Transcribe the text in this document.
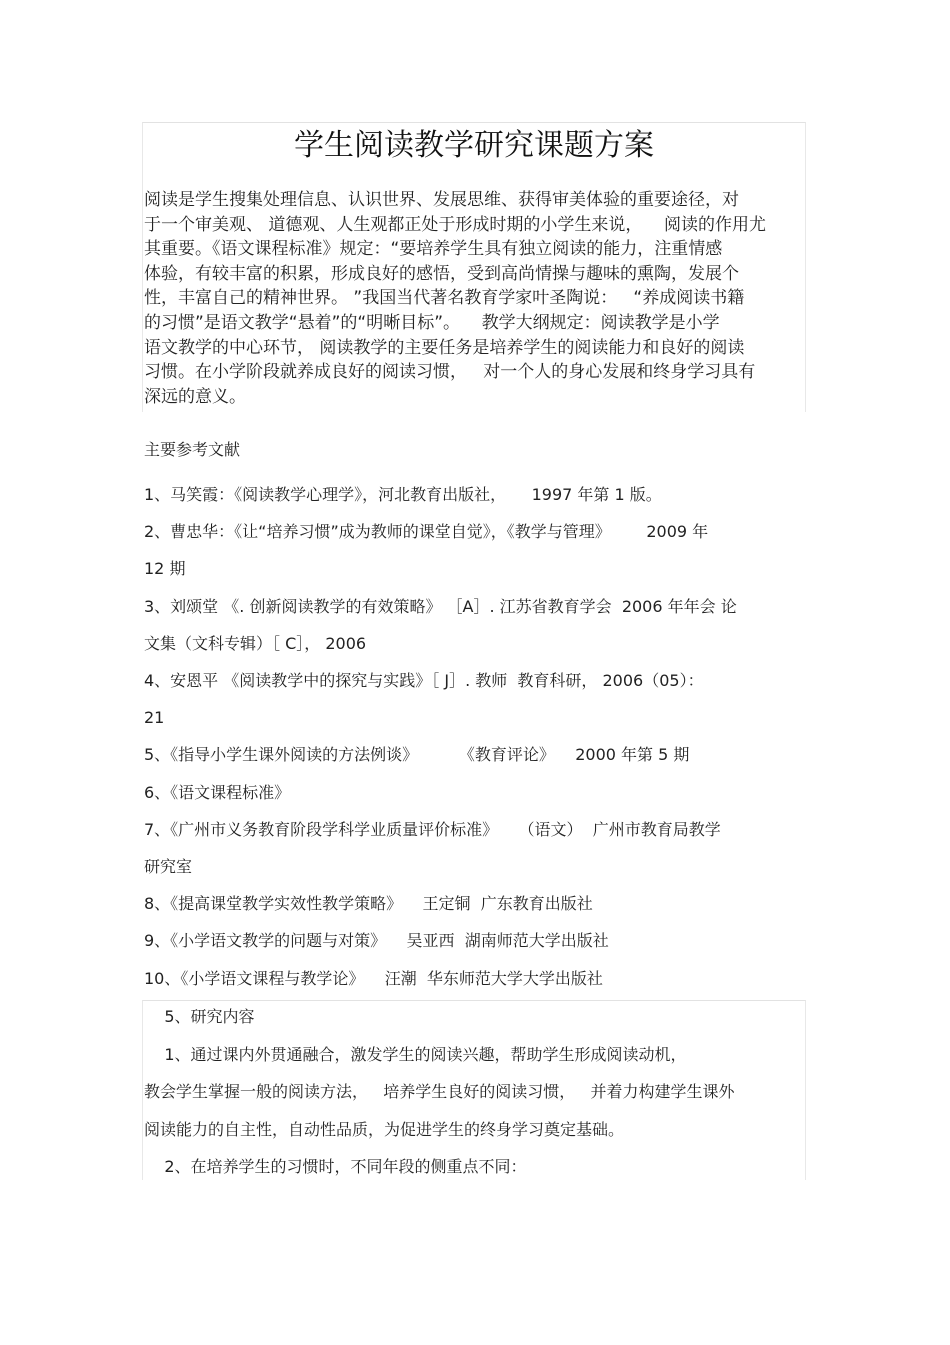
学生阅读教学研究课题方案
阅读是学生搜集处理信息、认识世界、发展思维、获得审美体验的重要途径，对
于一个审美观、 道德观、人生观都正处于形成时期的小学生来说，    阅读的作用尤
其重要。《语文课程标准》规定：“要培养学生具有独立阅读的能力，注重情感
体验，有较丰富的积累，形成良好的感悟，受到高尚情操与趣味的熏陶，发展个
性，丰富自己的精神世界。 ”我国当代著名教育学家叶圣陶说：   “养成阅读书籍
的习惯”是语文教学“悬着”的“明晰目标”。    教学大纲规定：阅读教学是小学
语文教学的中心环节， 阅读教学的主要任务是培养学生的阅读能力和良好的阅读
习惯。在小学阶段就养成良好的阅读习惯，   对一个人的身心发展和终身学习具有
深远的意义。
主要参考文献
1、马笑霞：《阅读教学心理学》，河北教育出版社，     1997 年第 1 版。
2、曹忠华：《让“培养习惯”成为教师的课堂自觉》，《教学与管理》       2009 年
12 期
3、刘颂堂 《. 创新阅读教学的有效策略》 ［A］. 江苏省教育学会  2006 年年会 论
文集（文科专辑）［ C］， 2006
4、安恩平 《阅读教学中的探究与实践》［ J］. 教师  教育科研， 2006（05）：
21
5、《指导小学生课外阅读的方法例谈》        《教育评论》    2000 年第 5 期
6、《语文课程标准》
7、《广州市义务教育阶段学科学业质量评价标准》    （语文）  广州市教育局教学
研究室
8、《提高课堂教学实效性教学策略》    王定铜  广东教育出版社
9、《小学语文教学的问题与对策》    吴亚西  湖南师范大学出版社
10、《小学语文课程与教学论》    汪潮  华东师范大学大学出版社
5、研究内容
1、通过课内外贯通融合，激发学生的阅读兴趣，帮助学生形成阅读动机，
教会学生掌握一般的阅读方法，   培养学生良好的阅读习惯，   并着力构建学生课外
阅读能力的自主性，自动性品质，为促进学生的终身学习奠定基础。
2、在培养学生的习惯时，不同年段的侧重点不同：
